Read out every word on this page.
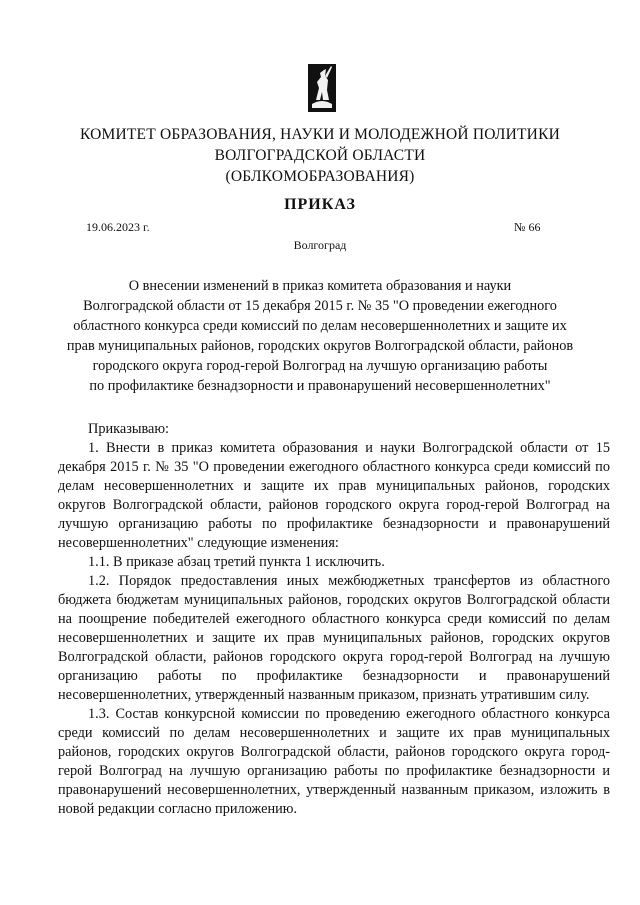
КОМИТЕТ ОБРАЗОВАНИЯ, НАУКИ И МОЛОДЕЖНОЙ ПОЛИТИКИ
ВОЛГОГРАДСКОЙ ОБЛАСТИ
(ОБЛКОМОБРАЗОВАНИЯ)
ПРИКАЗ
19.06.2023 г.	№ 66
Волгоград
О внесении изменений в приказ комитета образования и науки
Волгоградской области от 15 декабря 2015 г. № 35 "О проведении ежегодного
областного конкурса среди комиссий по делам несовершеннолетних и защите их
прав муниципальных районов, городских округов Волгоградской области, районов
городского округа город-герой Волгоград на лучшую организацию работы
по профилактике безнадзорности и правонарушений несовершеннолетних"

Приказываю:

1. Внести в приказ комитета образования и науки Волгоградской области от 15 декабря 2015 г. № 35 "О проведении ежегодного областного конкурса среди комиссий по делам несовершеннолетних и защите их прав муниципальных районов, городских округов Волгоградской области, районов городского округа город-герой Волгоград на лучшую организацию работы по профилактике безнадзорности и правонарушений несовершеннолетних" следующие изменения:

1.1. В приказе абзац третий пункта 1 исключить.

1.2. Порядок предоставления иных межбюджетных трансфертов из областного бюджета бюджетам муниципальных районов, городских округов Волгоградской области на поощрение победителей ежегодного областного конкурса среди комиссий по делам несовершеннолетних и защите их прав муниципальных районов, городских округов Волгоградской области, районов городского округа город-герой Волгоград на лучшую организацию работы по профилактике безнадзорности и правонарушений несовершеннолетних, утвержденный названным приказом, признать утратившим силу.

1.3. Состав конкурсной комиссии по проведению ежегодного областного конкурса среди комиссий по делам несовершеннолетних и защите их прав муниципальных районов, городских округов Волгоградской области, районов городского округа город-герой Волгоград на лучшую организацию работы по профилактике безнадзорности и правонарушений несовершеннолетних, утвержденный названным приказом, изложить в новой редакции согласно приложению.
